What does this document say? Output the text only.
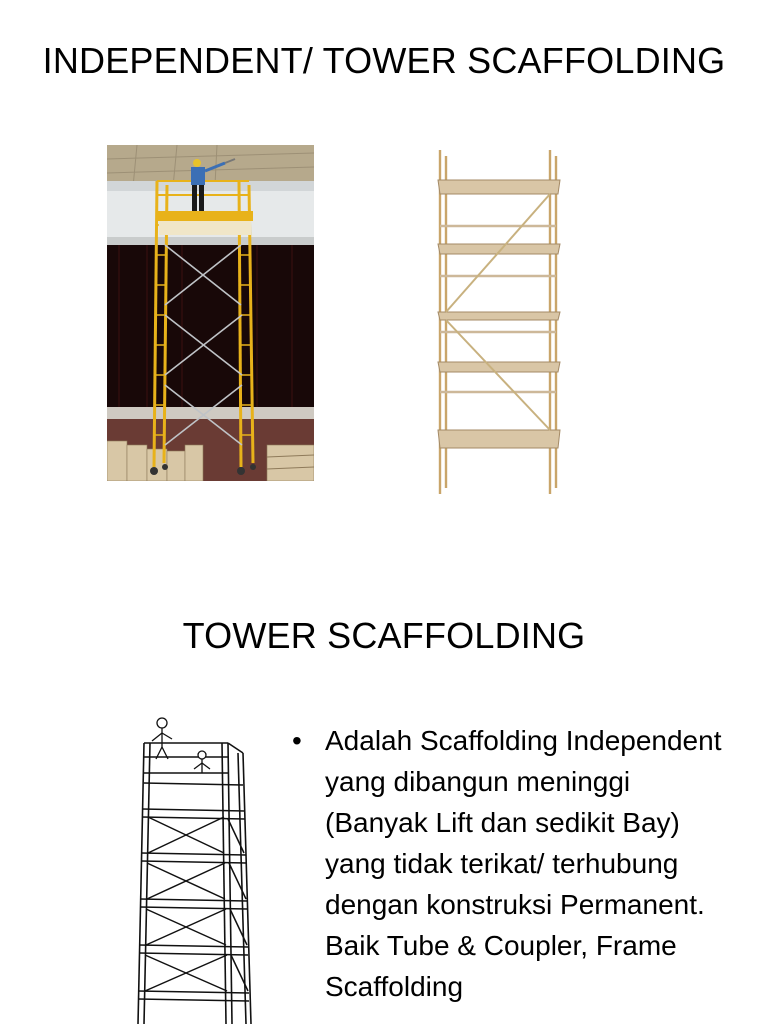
INDEPENDENT/ TOWER SCAFFOLDING
TOWER SCAFFOLDING
• Adalah Scaffolding Independent yang dibangun meninggi (Banyak Lift dan sedikit Bay) yang tidak terikat/ terhubung dengan konstruksi Permanent. Baik Tube & Coupler, Frame Scaffolding
